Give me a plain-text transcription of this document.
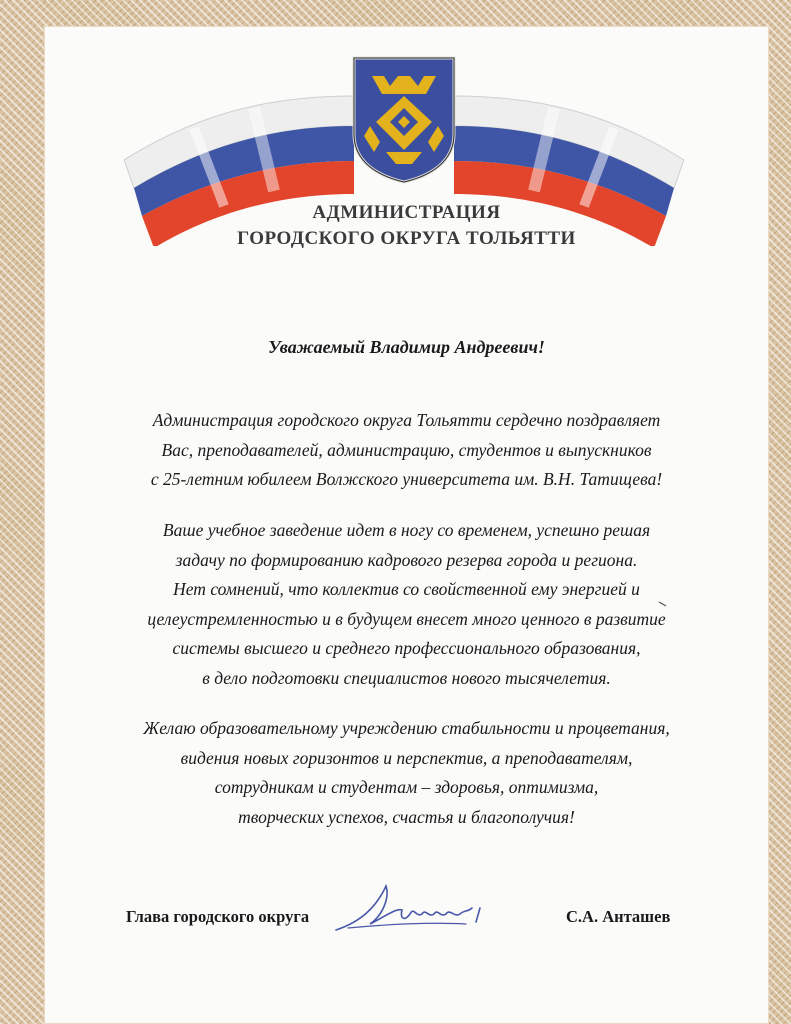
АДМИНИСТРАЦИЯ
ГОРОДСКОГО ОКРУГА ТОЛЬЯТТИ
Уважаемый Владимир Андреевич!
Администрация городского округа Тольятти сердечно поздравляет
Вас, преподавателей, администрацию, студентов и выпускников
с 25-летним юбилеем Волжского университета им. В.Н. Татищева!
Ваше учебное заведение идет в ногу со временем, успешно решая
задачу по формированию кадрового резерва города и региона.
Нет сомнений, что коллектив со свойственной ему энергией и
целеустремленностью и в будущем внесет много ценного в развитие
системы высшего и среднего профессионального образования,
в дело подготовки специалистов нового тысячелетия.
Желаю образовательному учреждению стабильности и процветания,
видения новых горизонтов и перспектив, а преподавателям,
сотрудникам и студентам – здоровья, оптимизма,
творческих успехов, счастья и благополучия!
Глава городского округа	С.А. Анташев
